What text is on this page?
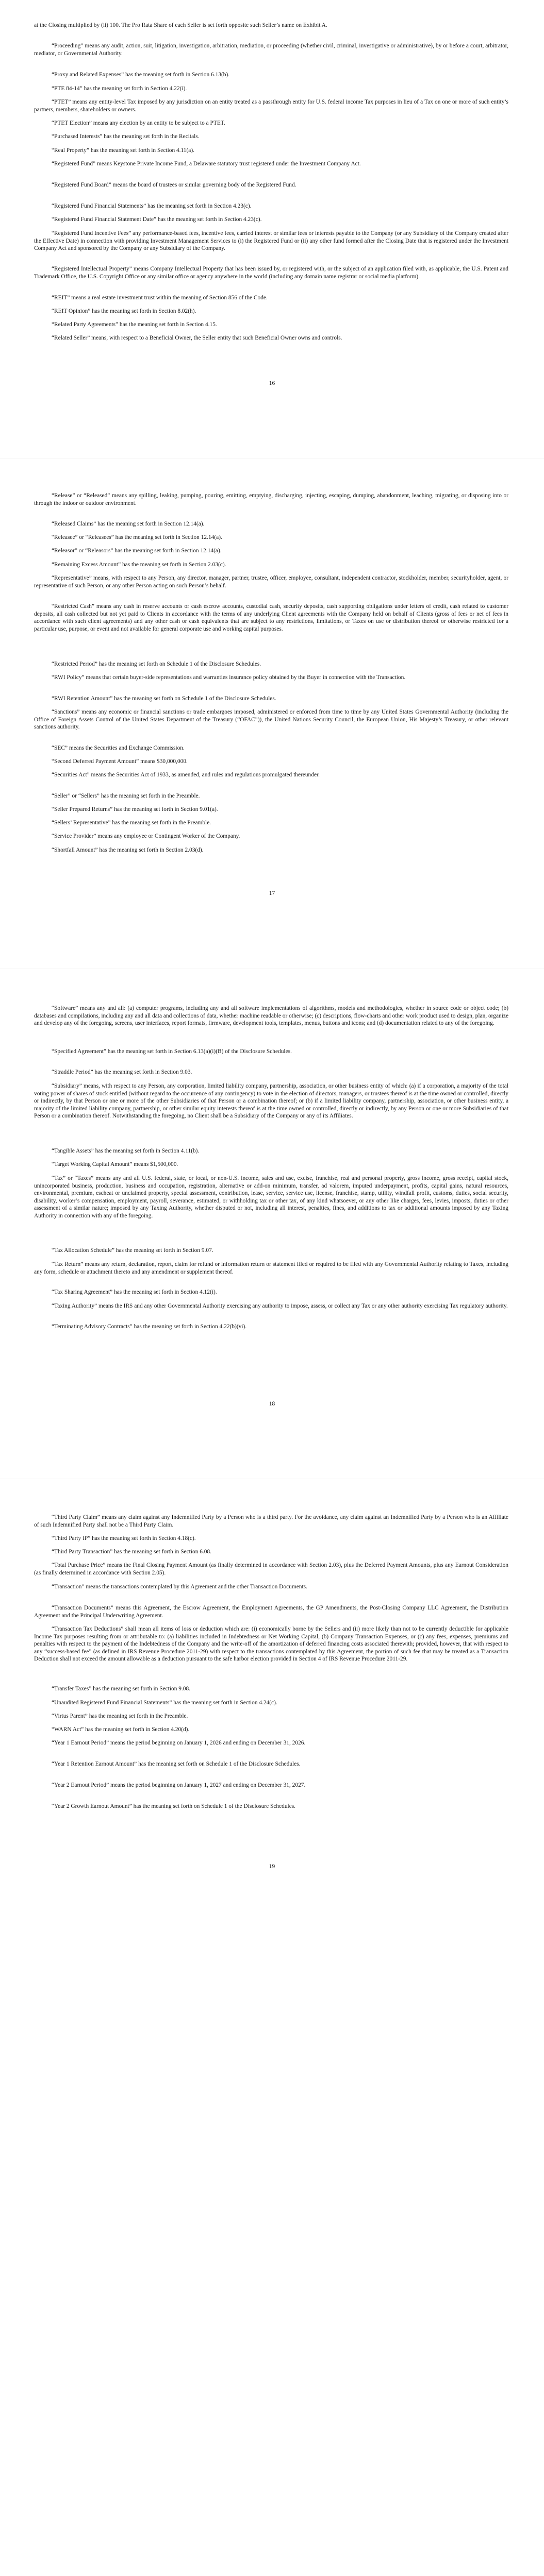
at the Closing multiplied by (ii) 100. The Pro Rata Share of each Seller is set forth opposite such Seller’s name on Exhibit A.

“Proceeding” means any audit, action, suit, litigation, investigation, arbitration, mediation, or proceeding (whether civil, criminal, investigative or administrative), by or before a court, arbitrator, mediator, or Governmental Authority.

“Proxy and Related Expenses” has the meaning set forth in Section 6.13(b).

“PTE 84-14” has the meaning set forth in Section 4.22(i).

“PTET” means any entity-level Tax imposed by any jurisdiction on an entity treated as a passthrough entity for U.S. federal income Tax purposes in lieu of a Tax on one or more of such entity’s partners, members, shareholders or owners.

“PTET Election” means any election by an entity to be subject to a PTET.

“Purchased Interests” has the meaning set forth in the Recitals.

“Real Property” has the meaning set forth in Section 4.11(a).

“Registered Fund” means Keystone Private Income Fund, a Delaware statutory trust registered under the Investment Company Act.

“Registered Fund Board” means the board of trustees or similar governing body of the Registered Fund.

“Registered Fund Financial Statements” has the meaning set forth in Section 4.23(c).

“Registered Fund Financial Statement Date” has the meaning set forth in Section 4.23(c).

“Registered Fund Incentive Fees” any performance-based fees, incentive fees, carried interest or similar fees or interests payable to the Company (or any Subsidiary of the Company created after the Effective Date) in connection with providing Investment Management Services to (i) the Registered Fund or (ii) any other fund formed after the Closing Date that is registered under the Investment Company Act and sponsored by the Company or any Subsidiary of the Company.

“Registered Intellectual Property” means Company Intellectual Property that has been issued by, or registered with, or the subject of an application filed with, as applicable, the U.S. Patent and Trademark Office, the U.S. Copyright Office or any similar office or agency anywhere in the world (including any domain name registrar or social media platform).

“REIT” means a real estate investment trust within the meaning of Section 856 of the Code.

“REIT Opinion” has the meaning set forth in Section 8.02(h).

“Related Party Agreements” has the meaning set forth in Section 4.15.

“Related Seller” means, with respect to a Beneficial Owner, the Seller entity that such Beneficial Owner owns and controls.

16

“Release” or “Released” means any spilling, leaking, pumping, pouring, emitting, emptying, discharging, injecting, escaping, dumping, abandonment, leaching, migrating, or disposing into or through the indoor or outdoor environment.

“Released Claims” has the meaning set forth in Section 12.14(a).

“Releasee” or “Releasees” has the meaning set forth in Section 12.14(a).

“Releasor” or “Releasors” has the meaning set forth in Section 12.14(a).

“Remaining Excess Amount” has the meaning set forth in Section 2.03(c).

“Representative” means, with respect to any Person, any director, manager, partner, trustee, officer, employee, consultant, independent contractor, stockholder, member, securityholder, agent, or representative of such Person, or any other Person acting on such Person’s behalf.

“Restricted Cash” means any cash in reserve accounts or cash escrow accounts, custodial cash, security deposits, cash supporting obligations under letters of credit, cash related to customer deposits, all cash collected but not yet paid to Clients in accordance with the terms of any underlying Client agreements with the Company held on behalf of Clients (gross of fees or net of fees in accordance with such client agreements) and any other cash or cash equivalents that are subject to any restrictions, limitations, or Taxes on use or distribution thereof or otherwise restricted for a particular use, purpose, or event and not available for general corporate use and working capital purposes.

“Restricted Period” has the meaning set forth on Schedule 1 of the Disclosure Schedules.

“RWI Policy” means that certain buyer-side representations and warranties insurance policy obtained by the Buyer in connection with the Transaction.

“RWI Retention Amount” has the meaning set forth on Schedule 1 of the Disclosure Schedules.

“Sanctions” means any economic or financial sanctions or trade embargoes imposed, administered or enforced from time to time by any United States Governmental Authority (including the Office of Foreign Assets Control of the United States Department of the Treasury (“OFAC”)), the United Nations Security Council, the European Union, His Majesty’s Treasury, or other relevant sanctions authority.

“SEC” means the Securities and Exchange Commission.

“Second Deferred Payment Amount” means $30,000,000.

“Securities Act” means the Securities Act of 1933, as amended, and rules and regulations promulgated thereunder.

“Seller” or “Sellers” has the meaning set forth in the Preamble.

“Seller Prepared Returns” has the meaning set forth in Section 9.01(a).

“Sellers’ Representative” has the meaning set forth in the Preamble.

“Service Provider” means any employee or Contingent Worker of the Company.

“Shortfall Amount” has the meaning set forth in Section 2.03(d).

17

“Software” means any and all: (a) computer programs, including any and all software implementations of algorithms, models and methodologies, whether in source code or object code; (b) databases and compilations, including any and all data and collections of data, whether machine readable or otherwise; (c) descriptions, flow-charts and other work product used to design, plan, organize and develop any of the foregoing, screens, user interfaces, report formats, firmware, development tools, templates, menus, buttons and icons; and (d) documentation related to any of the foregoing.

“Specified Agreement” has the meaning set forth in Section 6.13(a)(i)(B) of the Disclosure Schedules.

“Straddle Period” has the meaning set forth in Section 9.03.

“Subsidiary” means, with respect to any Person, any corporation, limited liability company, partnership, association, or other business entity of which: (a) if a corporation, a majority of the total voting power of shares of stock entitled (without regard to the occurrence of any contingency) to vote in the election of directors, managers, or trustees thereof is at the time owned or controlled, directly or indirectly, by that Person or one or more of the other Subsidiaries of that Person or a combination thereof; or (b) if a limited liability company, partnership, association, or other business entity, a majority of the limited liability company, partnership, or other similar equity interests thereof is at the time owned or controlled, directly or indirectly, by any Person or one or more Subsidiaries of that Person or a combination thereof. Notwithstanding the foregoing, no Client shall be a Subsidiary of the Company or any of its Affiliates.

“Tangible Assets” has the meaning set forth in Section 4.11(b).

“Target Working Capital Amount” means $1,500,000.

“Tax” or “Taxes” means any and all U.S. federal, state, or local, or non-U.S. income, sales and use, excise, franchise, real and personal property, gross income, gross receipt, capital stock, unincorporated business, production, business and occupation, registration, alternative or add-on minimum, transfer, ad valorem, imputed underpayment, profits, capital gains, natural resources, environmental, premium, escheat or unclaimed property, special assessment, contribution, lease, service, service use, license, franchise, stamp, utility, windfall profit, customs, duties, social security, disability, worker’s compensation, employment, payroll, severance, estimated, or withholding tax or other tax, of any kind whatsoever, or any other like charges, fees, levies, imposts, duties or other assessment of a similar nature; imposed by any Taxing Authority, whether disputed or not, including all interest, penalties, fines, and additions to tax or additional amounts imposed by any Taxing Authority in connection with any of the foregoing.

“Tax Allocation Schedule” has the meaning set forth in Section 9.07.

“Tax Return” means any return, declaration, report, claim for refund or information return or statement filed or required to be filed with any Governmental Authority relating to Taxes, including any form, schedule or attachment thereto and any amendment or supplement thereof.

“Tax Sharing Agreement” has the meaning set forth in Section 4.12(i).

“Taxing Authority” means the IRS and any other Governmental Authority exercising any authority to impose, assess, or collect any Tax or any other authority exercising Tax regulatory authority.

“Terminating Advisory Contracts” has the meaning set forth in Section 4.22(b)(vi).

18

“Third Party Claim” means any claim against any Indemnified Party by a Person who is a third party. For the avoidance, any claim against an Indemnified Party by a Person who is an Affiliate of such Indemnified Party shall not be a Third Party Claim.

“Third Party IP” has the meaning set forth in Section 4.18(c).

“Third Party Transaction” has the meaning set forth in Section 6.08.

“Total Purchase Price” means the Final Closing Payment Amount (as finally determined in accordance with Section 2.03), plus the Deferred Payment Amounts, plus any Earnout Consideration (as finally determined in accordance with Section 2.05).

“Transaction” means the transactions contemplated by this Agreement and the other Transaction Documents.

“Transaction Documents” means this Agreement, the Escrow Agreement, the Employment Agreements, the GP Amendments, the Post-Closing Company LLC Agreement, the Distribution Agreement and the Principal Underwriting Agreement.

“Transaction Tax Deductions” shall mean all items of loss or deduction which are: (i) economically borne by the Sellers and (ii) more likely than not to be currently deductible for applicable Income Tax purposes resulting from or attributable to: (a) liabilities included in Indebtedness or Net Working Capital, (b) Company Transaction Expenses, or (c) any fees, expenses, premiums and penalties with respect to the payment of the Indebtedness of the Company and the write-off of the amortization of deferred financing costs associated therewith; provided, however, that with respect to any “success-based fee” (as defined in IRS Revenue Procedure 2011-29) with respect to the transactions contemplated by this Agreement, the portion of such fee that may be treated as a Transaction Deduction shall not exceed the amount allowable as a deduction pursuant to the safe harbor election provided in Section 4 of IRS Revenue Procedure 2011-29.

“Transfer Taxes” has the meaning set forth in Section 9.08.

“Unaudited Registered Fund Financial Statements” has the meaning set forth in Section 4.24(c).

“Virtus Parent” has the meaning set forth in the Preamble.

“WARN Act” has the meaning set forth in Section 4.20(d).

“Year 1 Earnout Period” means the period beginning on January 1, 2026 and ending on December 31, 2026.

“Year 1 Retention Earnout Amount” has the meaning set forth on Schedule 1 of the Disclosure Schedules.

“Year 2 Earnout Period” means the period beginning on January 1, 2027 and ending on December 31, 2027.

“Year 2 Growth Earnout Amount” has the meaning set forth on Schedule 1 of the Disclosure Schedules.

19
